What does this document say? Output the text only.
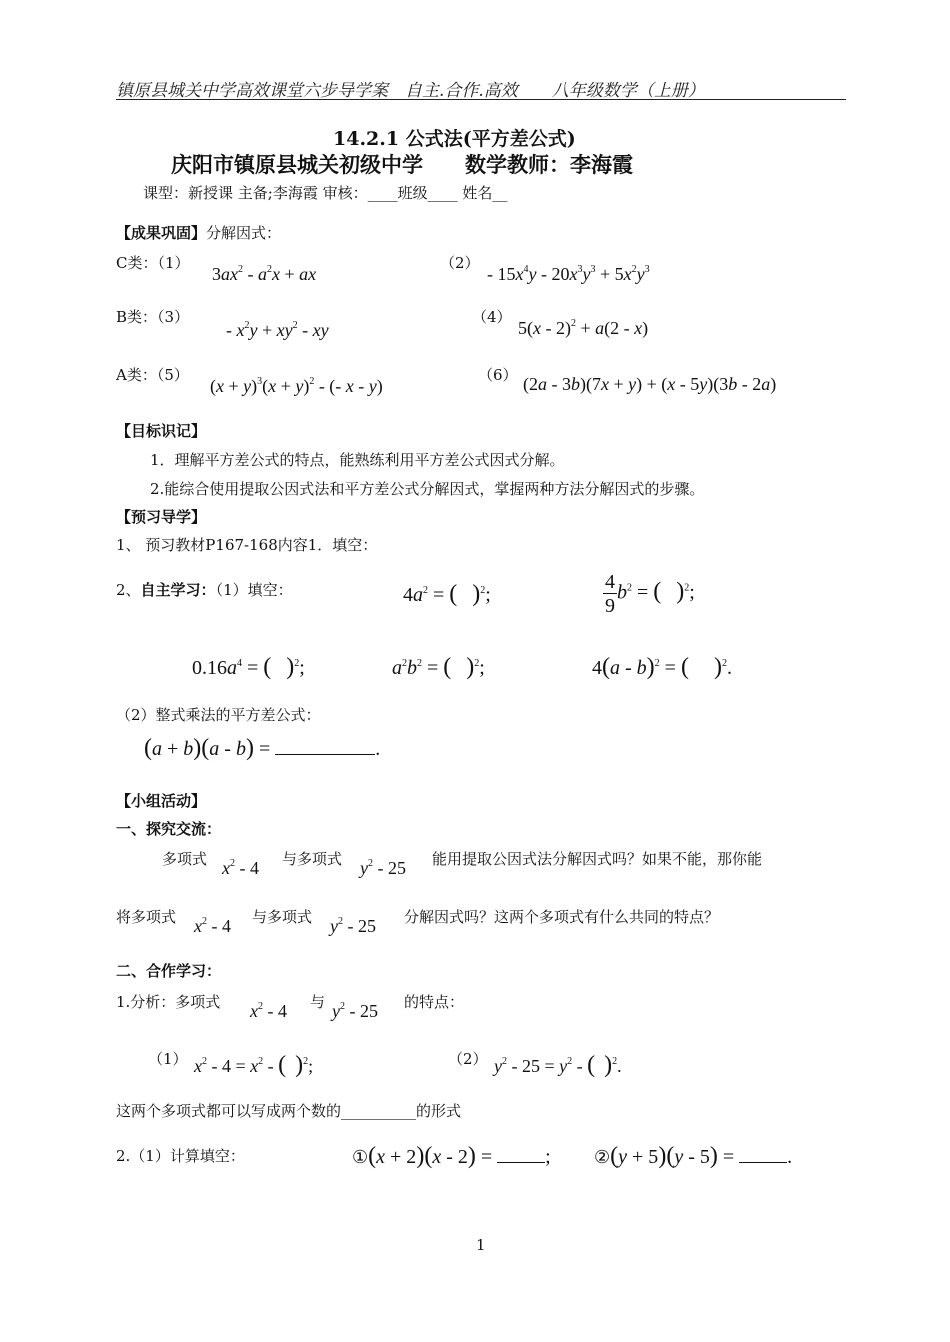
镇原县城关中学高效课堂六步导学案　自主.合作.高效　　八年级数学（上册）
14.2.1 公式法(平方差公式)
庆阳市镇原县城关初级中学　　数学教师：李海霞
课型：新授课 主备;李海霞 审核：____班级____ 姓名__
【成果巩固】分解因式：
C类：（1）
$3ax^2 - a^2x$ + ax
（2）
- $15x^4y - 20x^3y^3 + 5x^2y^3$
B类：（3）
- $x^2y + xy^2$ - xy
（4）
5(x - 2)$^2$ + a(2 - x)
A类：（5）
$(x + y)^3(x + y)^2$ - (- x - y)
（6） (2a - 3b)(7x + y) + (x - 5y)(3b - 2a)
【目标识记】
1．理解平方差公式的特点，能熟练利用平方差公式因式分解。
2.能综合使用提取公因式法和平方差公式分解因式，掌握两种方法分解因式的步骤。
【预习导学】
1、 预习教材P167-168内容1．填空：
2、自主学习：（1）填空：	$4a^2$ = ( )$^2$;	$\frac{4}{9} b^2$ = ( )$^2$;
$0.16a^4$ = ( )$^2$;	$a^2b^2$ = ( )$^2$;	4(a - b)$^2$ = ( )$^2$.
（2）整式乘法的平方差公式：
(a + b)(a - b) =	.
【小组活动】
一、探究交流：
多项式 $x^2 - 4$ 与多项式 $y^2 - 25$ 能用提取公因式法分解因式吗？如果不能，那你能
将多项式 $x^2 - 4$ 与多项式 $y^2 - 25$ 分解因式吗？这两个多项式有什么共同的特点？
二、合作学习：
1.分析：多项式 $x^2 - 4$ 与 $y^2 - 25$ 的特点：
（1） $x^2 - 4 = x^2$ - ( )$^2$;	（2） $y^2 - 25 = y^2$ - ( )$^2$.
这两个多项式都可以写成两个数的__________的形式
2.（1）计算填空：	①(x + 2)(x - 2) = ; ②(y + 5)(y - 5) = .
1
